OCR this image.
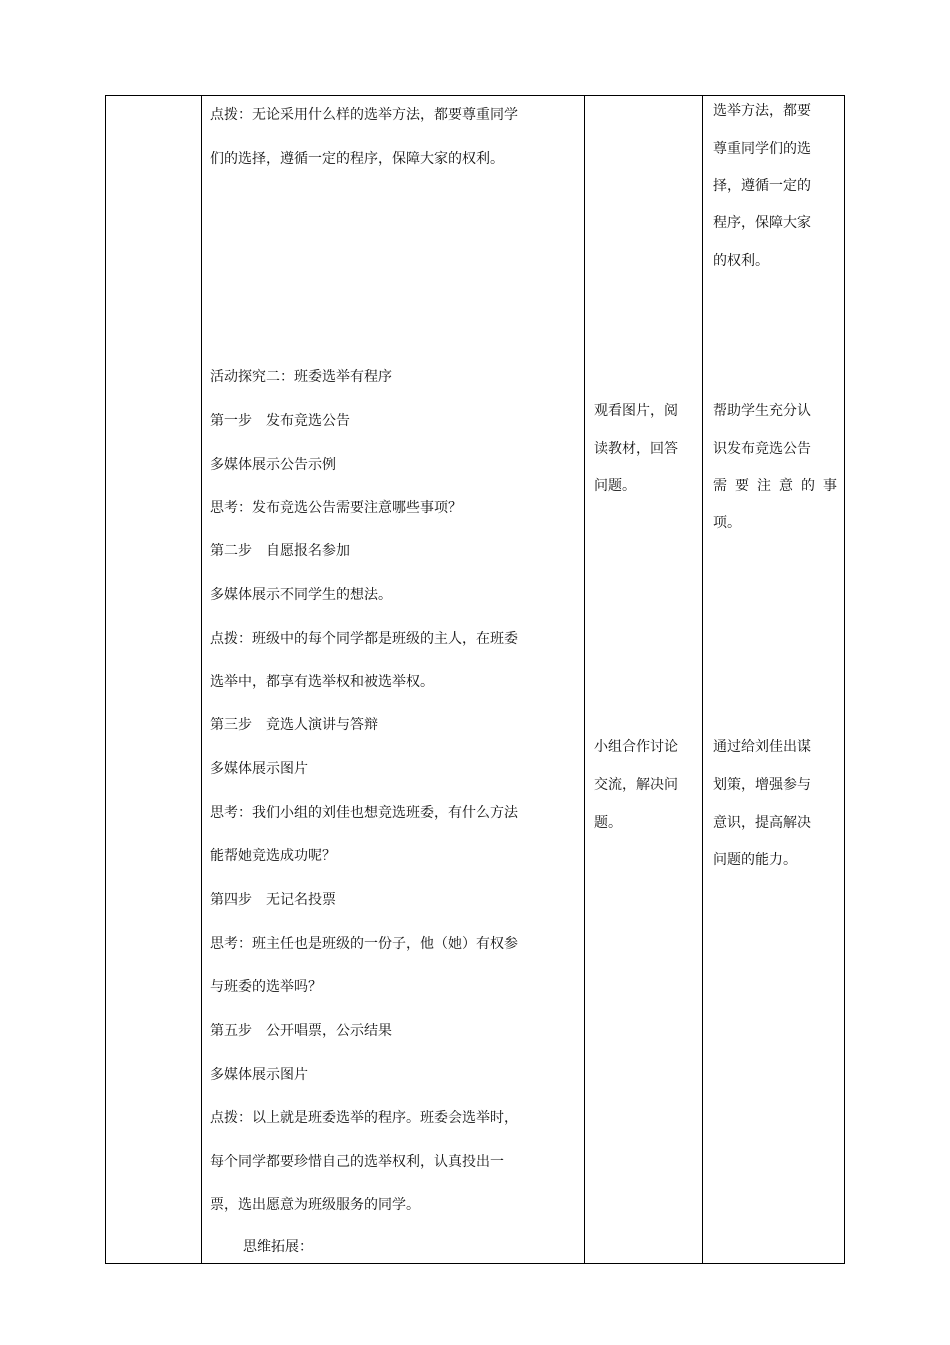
点拨：无论采用什么样的选举方法，都要尊重同学
们的选择，遵循一定的程序，保障大家的权利。
活动探究二：班委选举有程序
第一步　发布竞选公告
多媒体展示公告示例
思考：发布竞选公告需要注意哪些事项？
第二步　自愿报名参加
多媒体展示不同学生的想法。
点拨：班级中的每个同学都是班级的主人，在班委
选举中，都享有选举权和被选举权。
第三步　竞选人演讲与答辩
多媒体展示图片
思考：我们小组的刘佳也想竞选班委，有什么方法
能帮她竞选成功呢？
第四步　无记名投票
思考：班主任也是班级的一份子，他（她）有权参
与班委的选举吗？
第五步　公开唱票，公示结果
多媒体展示图片
点拨：以上就是班委选举的程序。班委会选举时，
每个同学都要珍惜自己的选举权利，认真投出一
票，选出愿意为班级服务的同学。
思维拓展：
观看图片，阅
读教材，回答
问题。
小组合作讨论
交流，解决问
题。
选举方法，都要
尊重同学们的选
择，遵循一定的
程序，保障大家
的权利。
帮助学生充分认
识发布竞选公告
需要注意的事
项。
通过给刘佳出谋
划策，增强参与
意识，提高解决
问题的能力。
